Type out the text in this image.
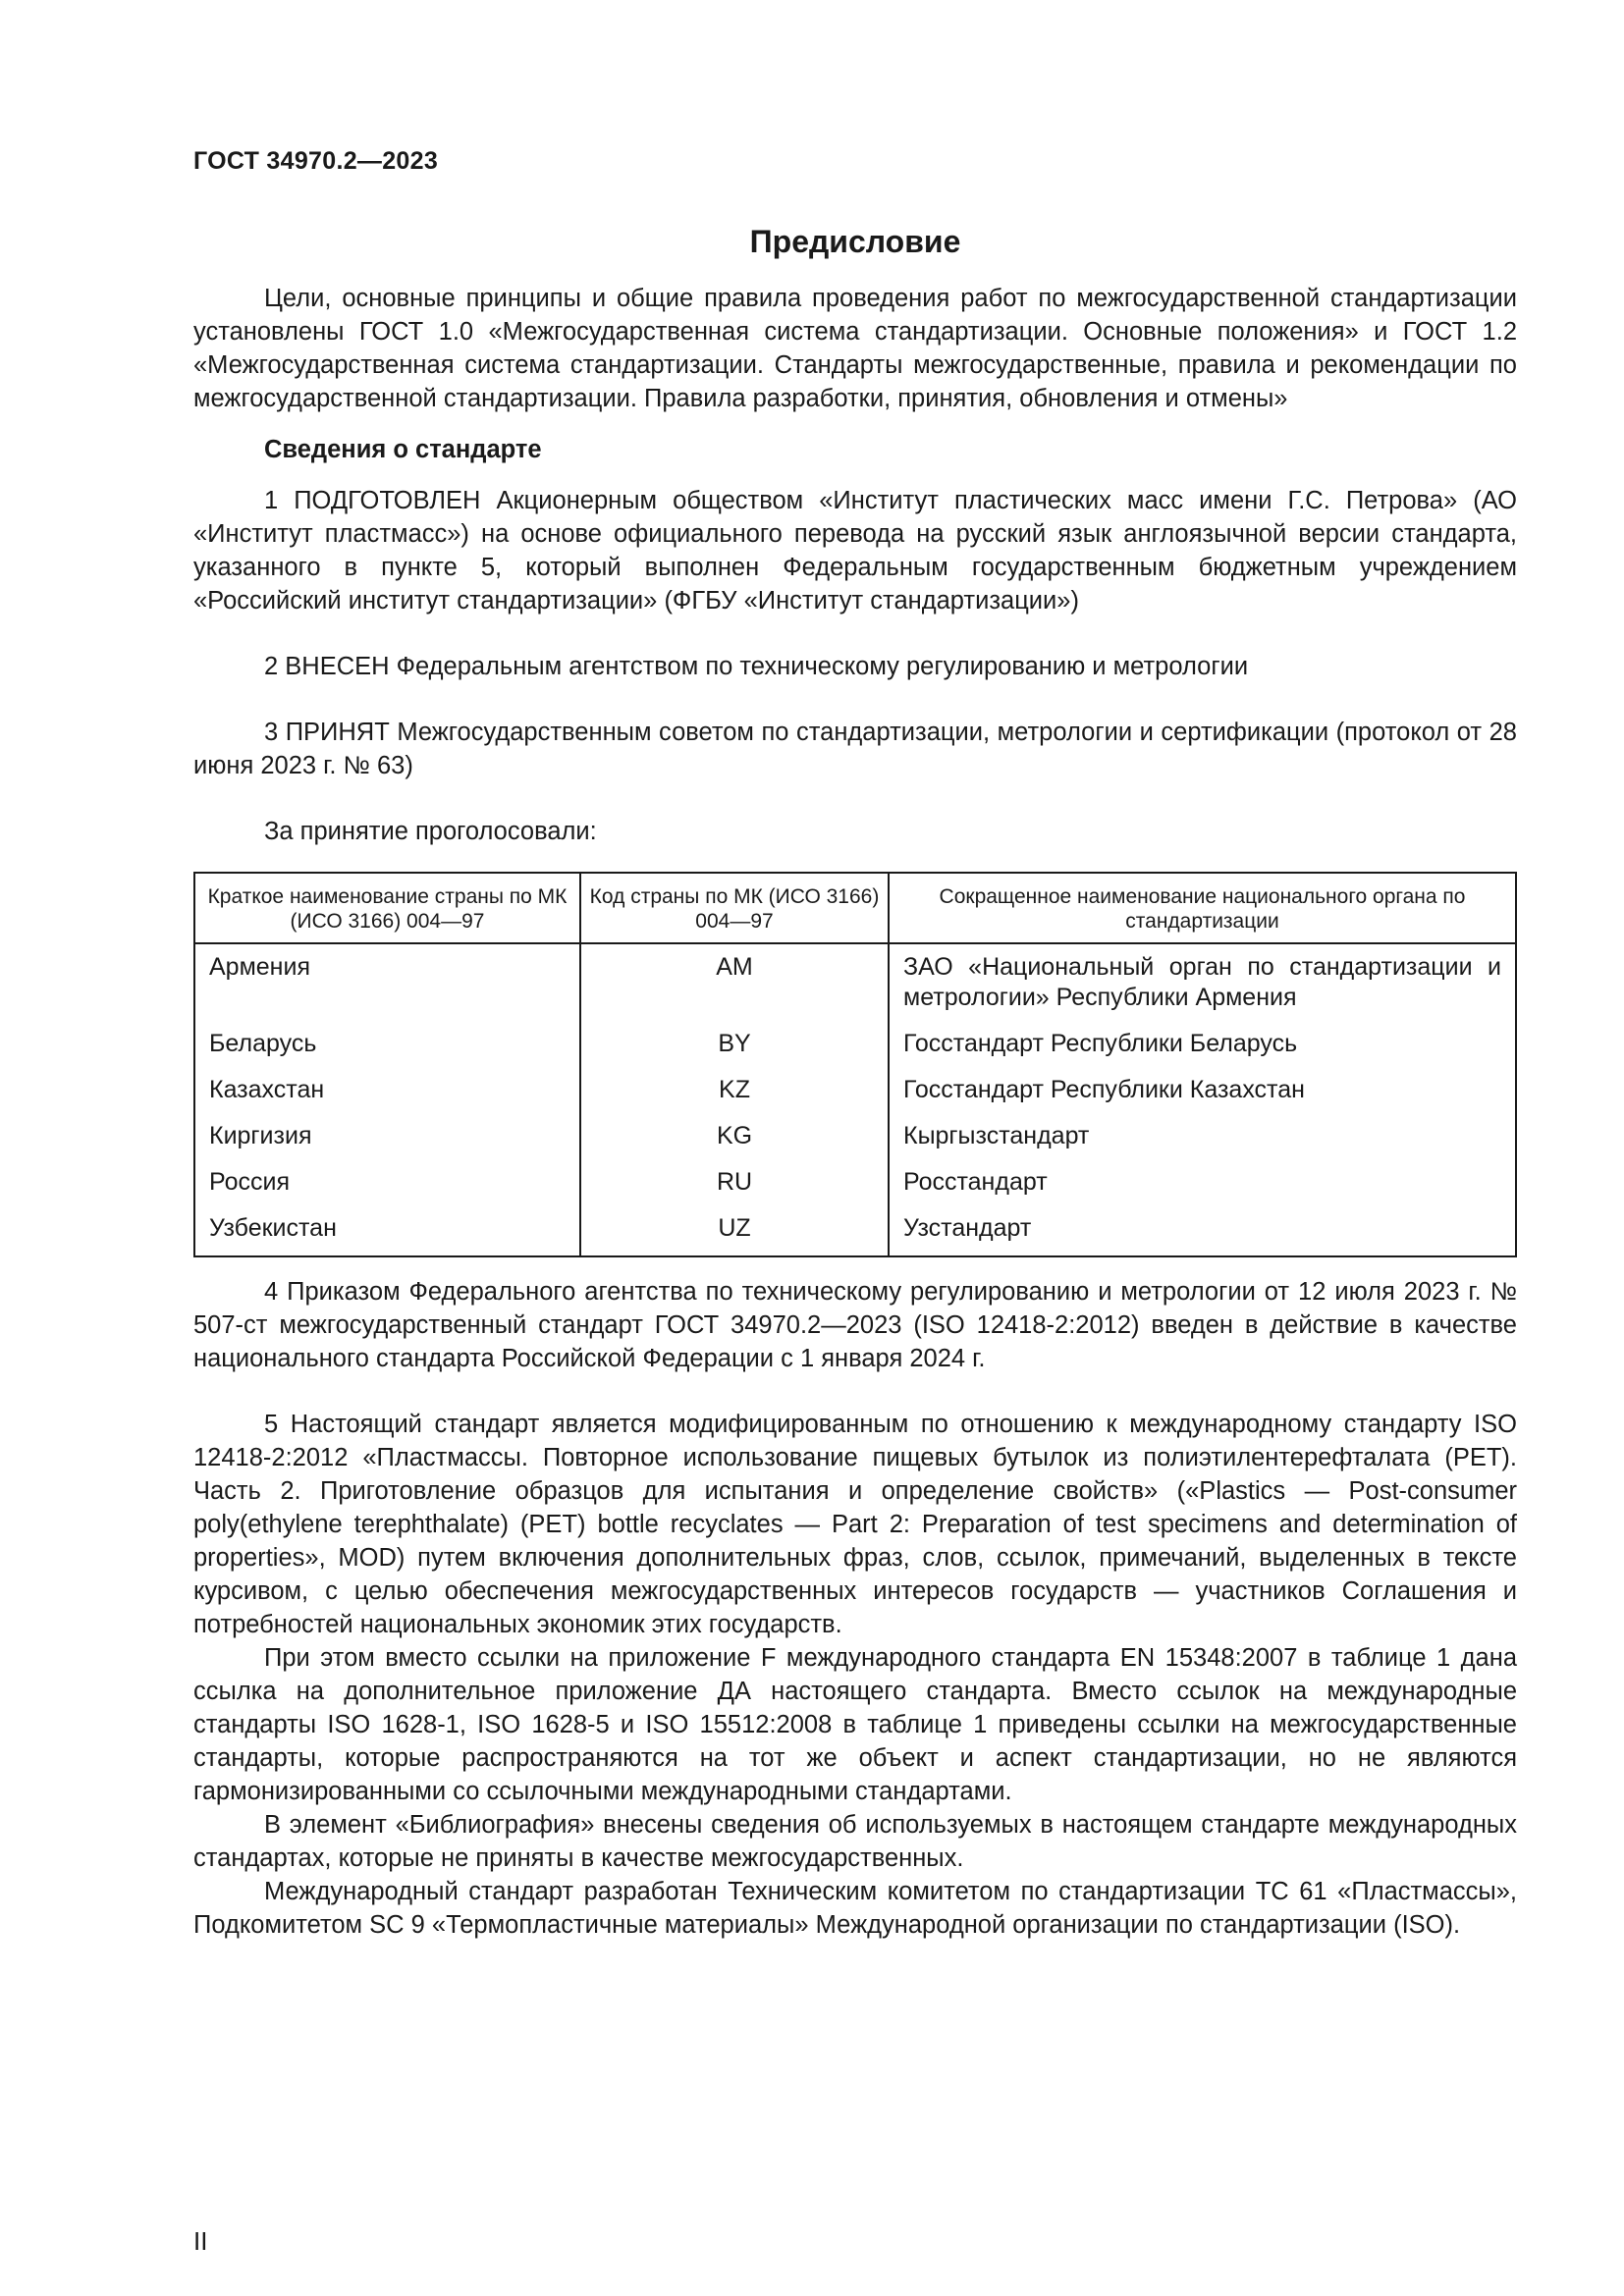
ГОСТ 34970.2—2023
Предисловие

Цели, основные принципы и общие правила проведения работ по межгосударственной стандартизации установлены ГОСТ 1.0 «Межгосударственная система стандартизации. Основные положения» и ГОСТ 1.2 «Межгосударственная система стандартизации. Стандарты межгосударственные, правила и рекомендации по межгосударственной стандартизации. Правила разработки, принятия, обновления и отмены»

Сведения о стандарте

1 ПОДГОТОВЛЕН Акционерным обществом «Институт пластических масс имени Г.С. Петрова» (АО «Институт пластмасс») на основе официального перевода на русский язык англоязычной версии стандарта, указанного в пункте 5, который выполнен Федеральным государственным бюджетным учреждением «Российский институт стандартизации» (ФГБУ «Институт стандартизации»)

2 ВНЕСЕН Федеральным агентством по техническому регулированию и метрологии

3 ПРИНЯТ Межгосударственным советом по стандартизации, метрологии и сертификации (протокол от 28 июня 2023 г. № 63)

За принятие проголосовали:

Краткое наименование страны по МК (ИСО 3166) 004—97	Код страны по МК (ИСО 3166) 004—97	Сокращенное наименование национального органа по стандартизации
Армения	AM	ЗАО «Национальный орган по стандартизации и метрологии» Республики Армения
Беларусь	BY	Госстандарт Республики Беларусь
Казахстан	KZ	Госстандарт Республики Казахстан
Киргизия	KG	Кыргызстандарт
Россия	RU	Росстандарт
Узбекистан	UZ	Узстандарт

4 Приказом Федерального агентства по техническому регулированию и метрологии от 12 июля 2023 г. № 507-ст межгосударственный стандарт ГОСТ 34970.2—2023 (ISO 12418-2:2012) введен в действие в качестве национального стандарта Российской Федерации с 1 января 2024 г.

5 Настоящий стандарт является модифицированным по отношению к международному стандарту ISO 12418-2:2012 «Пластмассы. Повторное использование пищевых бутылок из полиэтилентерефталата (PET). Часть 2. Приготовление образцов для испытания и определение свойств» («Plastics — Post-consumer poly(ethylene terephthalate) (PET) bottle recyclates — Part 2: Preparation of test specimens and determination of properties», MOD) путем включения дополнительных фраз, слов, ссылок, примечаний, выделенных в тексте курсивом, с целью обеспечения межгосударственных интересов государств — участников Соглашения и потребностей национальных экономик этих государств.

При этом вместо ссылки на приложение F международного стандарта EN 15348:2007 в таблице 1 дана ссылка на дополнительное приложение ДА настоящего стандарта. Вместо ссылок на международные стандарты ISO 1628-1, ISO 1628-5 и ISO 15512:2008 в таблице 1 приведены ссылки на межгосударственные стандарты, которые распространяются на тот же объект и аспект стандартизации, но не являются гармонизированными со ссылочными международными стандартами.

В элемент «Библиография» внесены сведения об используемых в настоящем стандарте международных стандартах, которые не приняты в качестве межгосударственных.

Международный стандарт разработан Техническим комитетом по стандартизации ТС 61 «Пластмассы», Подкомитетом SC 9 «Термопластичные материалы» Международной организации по стандартизации (ISO).

II
